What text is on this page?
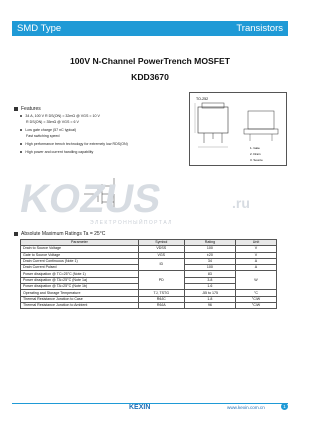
SMD Type	Transistors
100V N-Channel PowerTrench MOSFET
KDD3670
Features
34 A, 100 V R DS(ON) = 32mΩ @ VGS = 10 V
R DS(ON) = 35mΩ @ VGS = 6 V
Low gate charge (57 nC typical)
Fast switching speed
High performance trench technology for extremely low RDS(ON)
High power and current handling capability
TO-252
1. Gate
2. Drain
3. Source
KOZUS	.ru
Э Л Е К Т Р О Н Н Ы Й П О Р Т А Л
Absolute Maximum Ratings Ta = 25°C
Parameter	Symbol	Rating	Unit
Drain to Source Voltage	VDSS	100	V
Gate to Source Voltage	VGS	±20	V
Drain Current Continuous (Note 1)	ID	34	A
Drain Current Pulsed		100	A
Power dissipation @ TC=25°C (Note 1)	PD	83	W
Power dissipation @ TA=25°C (Note 1a)		3.8	
Power dissipation @ TA=25°C (Note 1b)		1.6	
Operating and Storage Temperature	TJ, TSTG	-55 to 175	°C
Thermal Resistance Junction to Case	RθJC	1.8	°C/W
Thermal Resistance Junction to Ambient	RθJA	96	°C/W
KEXIN	www.kexin.com.cn	1
